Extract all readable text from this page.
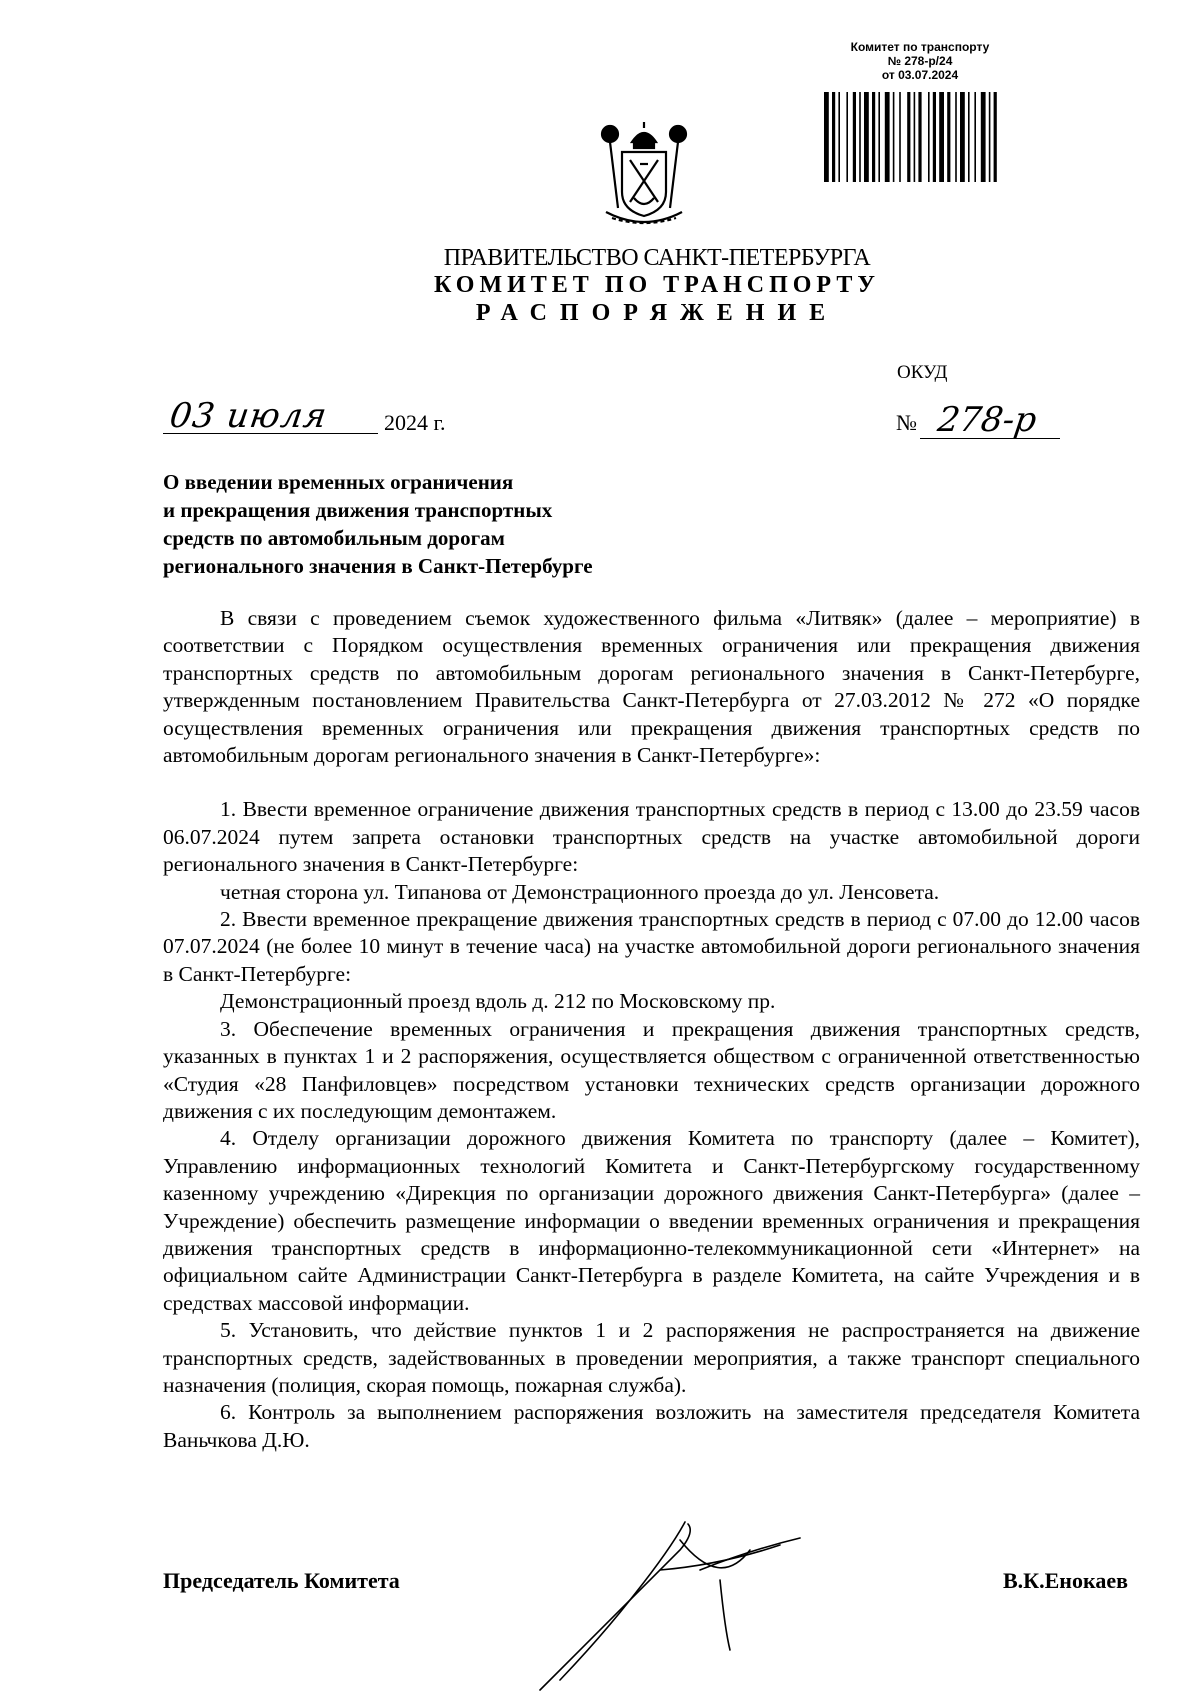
Комитет по транспорту
№ 278-р/24
от 03.07.2024
ПРАВИТЕЛЬСТВО САНКТ-ПЕТЕРБУРГА
КОМИТЕТ ПО ТРАНСПОРТУ
РАСПОРЯЖЕНИЕ
ОКУД
03 июля 2024 г.	№ 278-р
О введении временных ограничения
и прекращения движения транспортных
средств по автомобильным дорогам
регионального значения в Санкт-Петербурге

В связи с проведением съемок художественного фильма «Литвяк» (далее – мероприятие) в соответствии с Порядком осуществления временных ограничения или прекращения движения транспортных средств по автомобильным дорогам регионального значения в Санкт-Петербурге, утвержденным постановлением Правительства Санкт-Петербурга от 27.03.2012 № 272 «О порядке осуществления временных ограничения или прекращения движения транспортных средств по автомобильным дорогам регионального значения в Санкт-Петербурге»:

1. Ввести временное ограничение движения транспортных средств в период с 13.00 до 23.59 часов 06.07.2024 путем запрета остановки транспортных средств на участке автомобильной дороги регионального значения в Санкт-Петербурге:

четная сторона ул. Типанова от Демонстрационного проезда до ул. Ленсовета.

2. Ввести временное прекращение движения транспортных средств в период с 07.00 до 12.00 часов 07.07.2024 (не более 10 минут в течение часа) на участке автомобильной дороги регионального значения в Санкт-Петербурге:

Демонстрационный проезд вдоль д. 212 по Московскому пр.

3. Обеспечение временных ограничения и прекращения движения транспортных средств, указанных в пунктах 1 и 2 распоряжения, осуществляется обществом с ограниченной ответственностью «Студия «28 Панфиловцев» посредством установки технических средств организации дорожного движения с их последующим демонтажем.

4. Отделу организации дорожного движения Комитета по транспорту (далее – Комитет), Управлению информационных технологий Комитета и Санкт-Петербургскому государственному казенному учреждению «Дирекция по организации дорожного движения Санкт-Петербурга» (далее – Учреждение) обеспечить размещение информации о введении временных ограничения и прекращения движения транспортных средств в информационно-телекоммуникационной сети «Интернет» на официальном сайте Администрации Санкт-Петербурга в разделе Комитета, на сайте Учреждения и в средствах массовой информации.

5. Установить, что действие пунктов 1 и 2 распоряжения не распространяется на движение транспортных средств, задействованных в проведении мероприятия, а также транспорт специального назначения (полиция, скорая помощь, пожарная служба).

6. Контроль за выполнением распоряжения возложить на заместителя председателя Комитета Ваньчкова Д.Ю.

Председатель Комитета	В.К.Енокаев
